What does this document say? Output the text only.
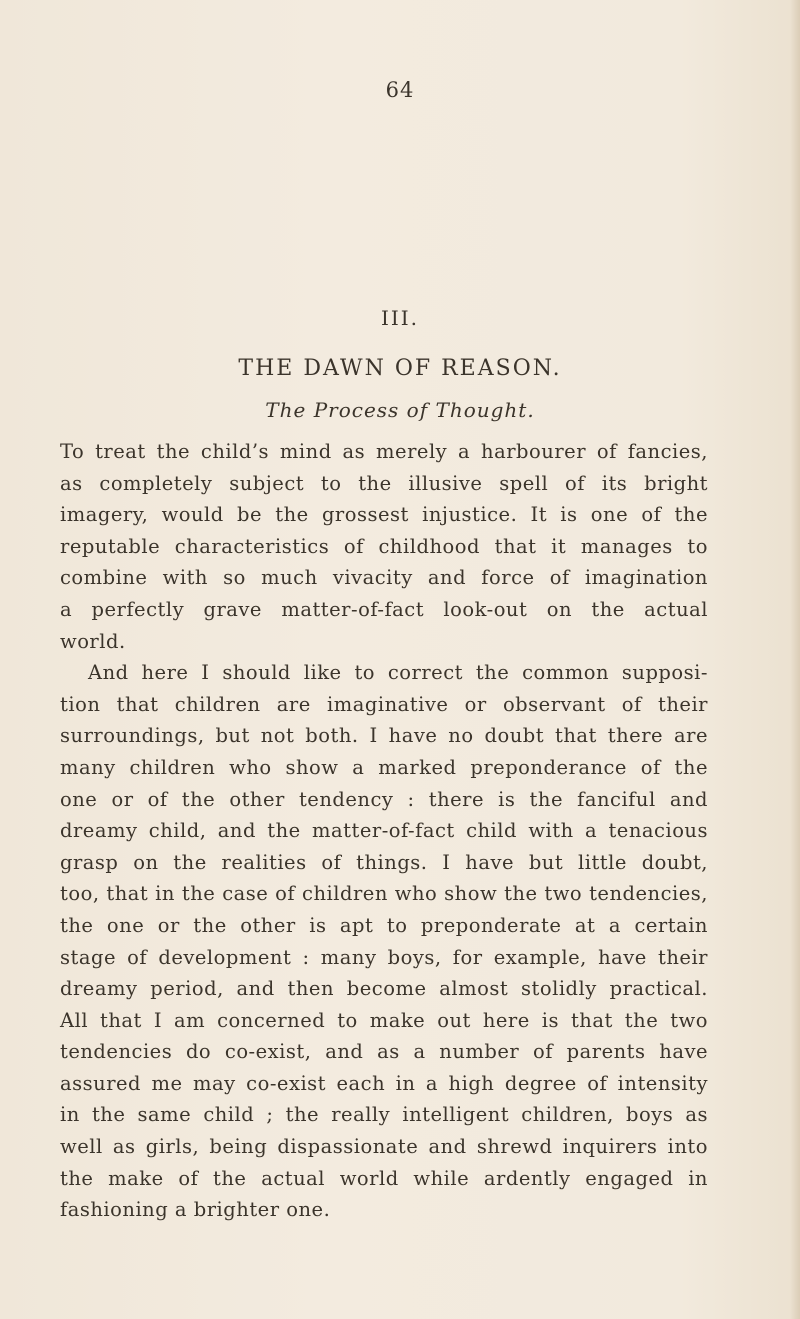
64
III.
THE DAWN OF REASON.
The Process of Thought.
To treat the child’s mind as merely a harbourer of fancies,
as completely subject to the illusive spell of its bright
imagery, would be the grossest injustice. It is one of the
reputable characteristics of childhood that it manages to
combine with so much vivacity and force of imagination
a perfectly grave matter-of-fact look-out on the actual
world.
And here I should like to correct the common supposi-
tion that children are imaginative or observant of their
surroundings, but not both. I have no doubt that there are
many children who show a marked preponderance of the
one or of the other tendency : there is the fanciful and
dreamy child, and the matter-of-fact child with a tenacious
grasp on the realities of things. I have but little doubt,
too, that in the case of children who show the two tendencies,
the one or the other is apt to preponderate at a certain
stage of development : many boys, for example, have their
dreamy period, and then become almost stolidly practical.
All that I am concerned to make out here is that the two
tendencies do co-exist, and as a number of parents have
assured me may co-exist each in a high degree of intensity
in the same child ; the really intelligent children, boys as
well as girls, being dispassionate and shrewd inquirers into
the make of the actual world while ardently engaged in
fashioning a brighter one.
